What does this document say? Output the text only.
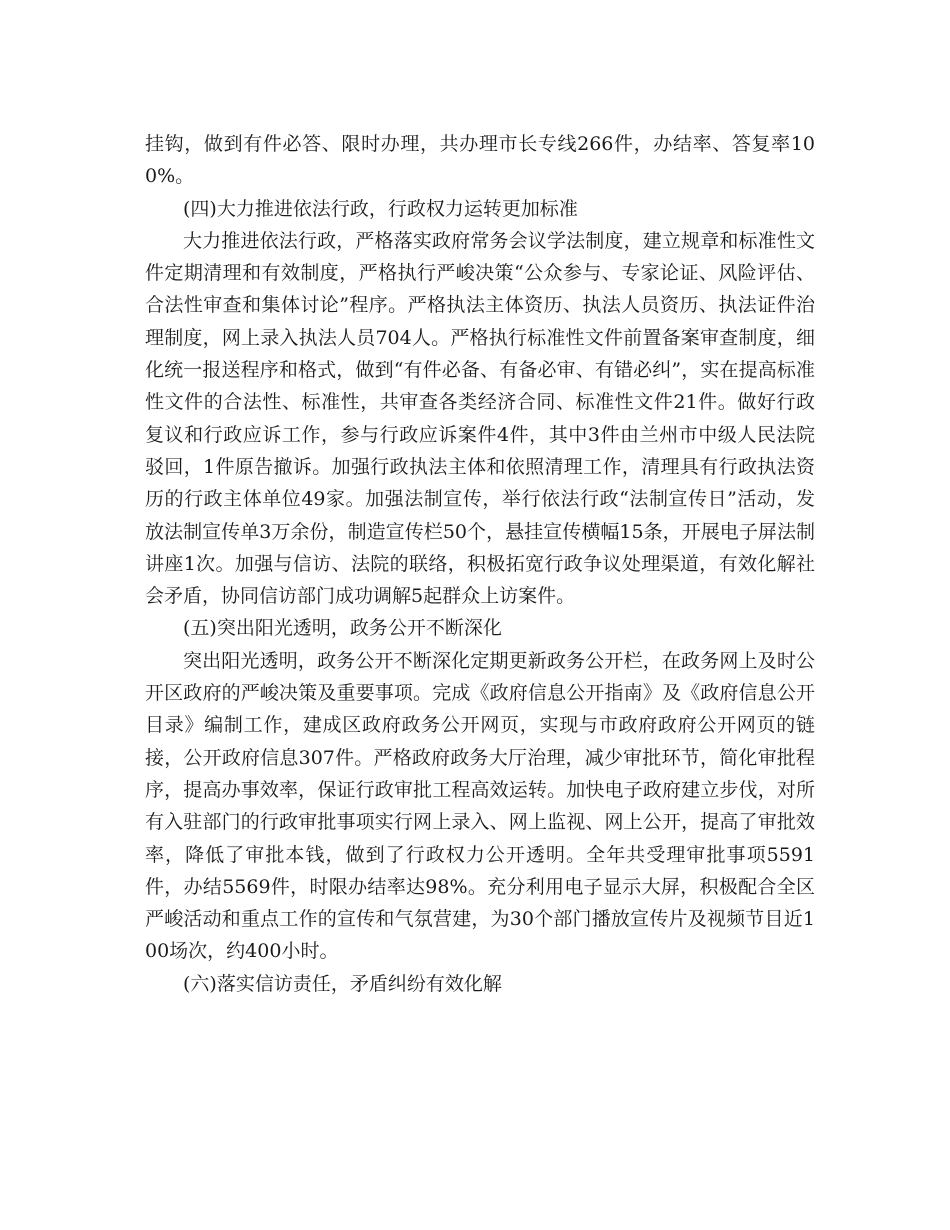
挂钩，做到有件必答、限时办理，共办理市长专线266件，办结率、答复率100%。

(四)大力推进依法行政，行政权力运转更加标准

大力推进依法行政，严格落实政府常务会议学法制度，建立规章和标准性文件定期清理和有效制度，严格执行严峻决策“公众参与、专家论证、风险评估、合法性审查和集体讨论”程序。严格执法主体资历、执法人员资历、执法证件治理制度，网上录入执法人员704人。严格执行标准性文件前置备案审查制度，细化统一报送程序和格式，做到“有件必备、有备必审、有错必纠”，实在提高标准性文件的合法性、标准性，共审查各类经济合同、标准性文件21件。做好行政复议和行政应诉工作，参与行政应诉案件4件，其中3件由兰州市中级人民法院驳回，1件原告撤诉。加强行政执法主体和依照清理工作，清理具有行政执法资历的行政主体单位49家。加强法制宣传，举行依法行政“法制宣传日”活动，发放法制宣传单3万余份，制造宣传栏50个，悬挂宣传横幅15条，开展电子屏法制讲座1次。加强与信访、法院的联络，积极拓宽行政争议处理渠道，有效化解社会矛盾，协同信访部门成功调解5起群众上访案件。

(五)突出阳光透明，政务公开不断深化

突出阳光透明，政务公开不断深化定期更新政务公开栏，在政务网上及时公开区政府的严峻决策及重要事项。完成《政府信息公开指南》及《政府信息公开目录》编制工作，建成区政府政务公开网页，实现与市政府政府公开网页的链接，公开政府信息307件。严格政府政务大厅治理，减少审批环节，简化审批程序，提高办事效率，保证行政审批工程高效运转。加快电子政府建立步伐，对所有入驻部门的行政审批事项实行网上录入、网上监视、网上公开，提高了审批效率，降低了审批本钱，做到了行政权力公开透明。全年共受理审批事项5591件，办结5569件，时限办结率达98%。充分利用电子显示大屏，积极配合全区严峻活动和重点工作的宣传和气氛营建，为30个部门播放宣传片及视频节目近100场次，约400小时。

(六)落实信访责任，矛盾纠纷有效化解
